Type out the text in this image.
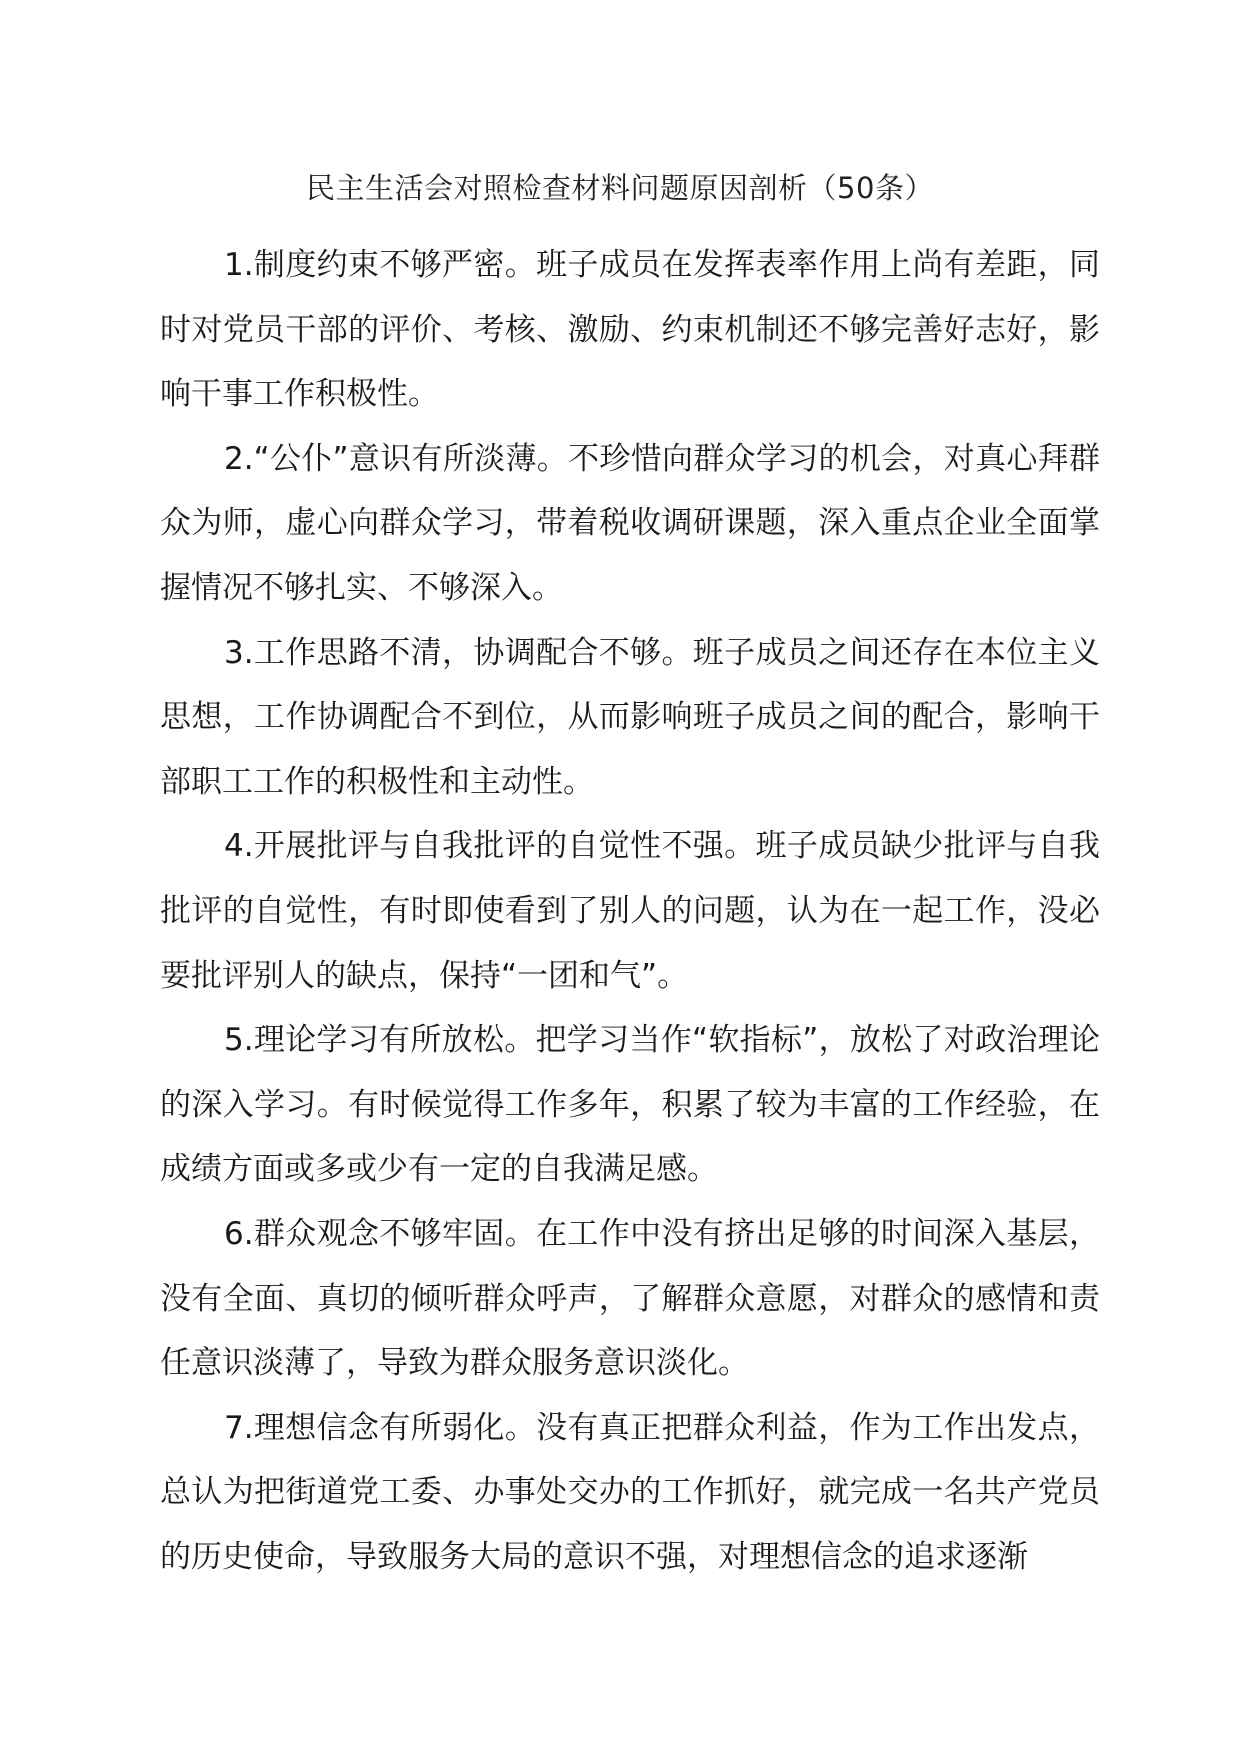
民主生活会对照检查材料问题原因剖析（50条）

1.制度约束不够严密。班子成员在发挥表率作用上尚有差距，同时对党员干部的评价、考核、激励、约束机制还不够完善好志好，影响干事工作积极性。

2.“公仆”意识有所淡薄。不珍惜向群众学习的机会，对真心拜群众为师，虚心向群众学习，带着税收调研课题，深入重点企业全面掌握情况不够扎实、不够深入。

3.工作思路不清，协调配合不够。班子成员之间还存在本位主义思想，工作协调配合不到位，从而影响班子成员之间的配合，影响干部职工工作的积极性和主动性。

4.开展批评与自我批评的自觉性不强。班子成员缺少批评与自我批评的自觉性，有时即使看到了别人的问题，认为在一起工作，没必要批评别人的缺点，保持“一团和气”。

5.理论学习有所放松。把学习当作“软指标”，放松了对政治理论的深入学习。有时候觉得工作多年，积累了较为丰富的工作经验，在成绩方面或多或少有一定的自我满足感。

6.群众观念不够牢固。在工作中没有挤出足够的时间深入基层，没有全面、真切的倾听群众呼声，了解群众意愿，对群众的感情和责任意识淡薄了，导致为群众服务意识淡化。

7.理想信念有所弱化。没有真正把群众利益，作为工作出发点，总认为把街道党工委、办事处交办的工作抓好，就完成一名共产党员的历史使命，导致服务大局的意识不强，对理想信念的追求逐渐
